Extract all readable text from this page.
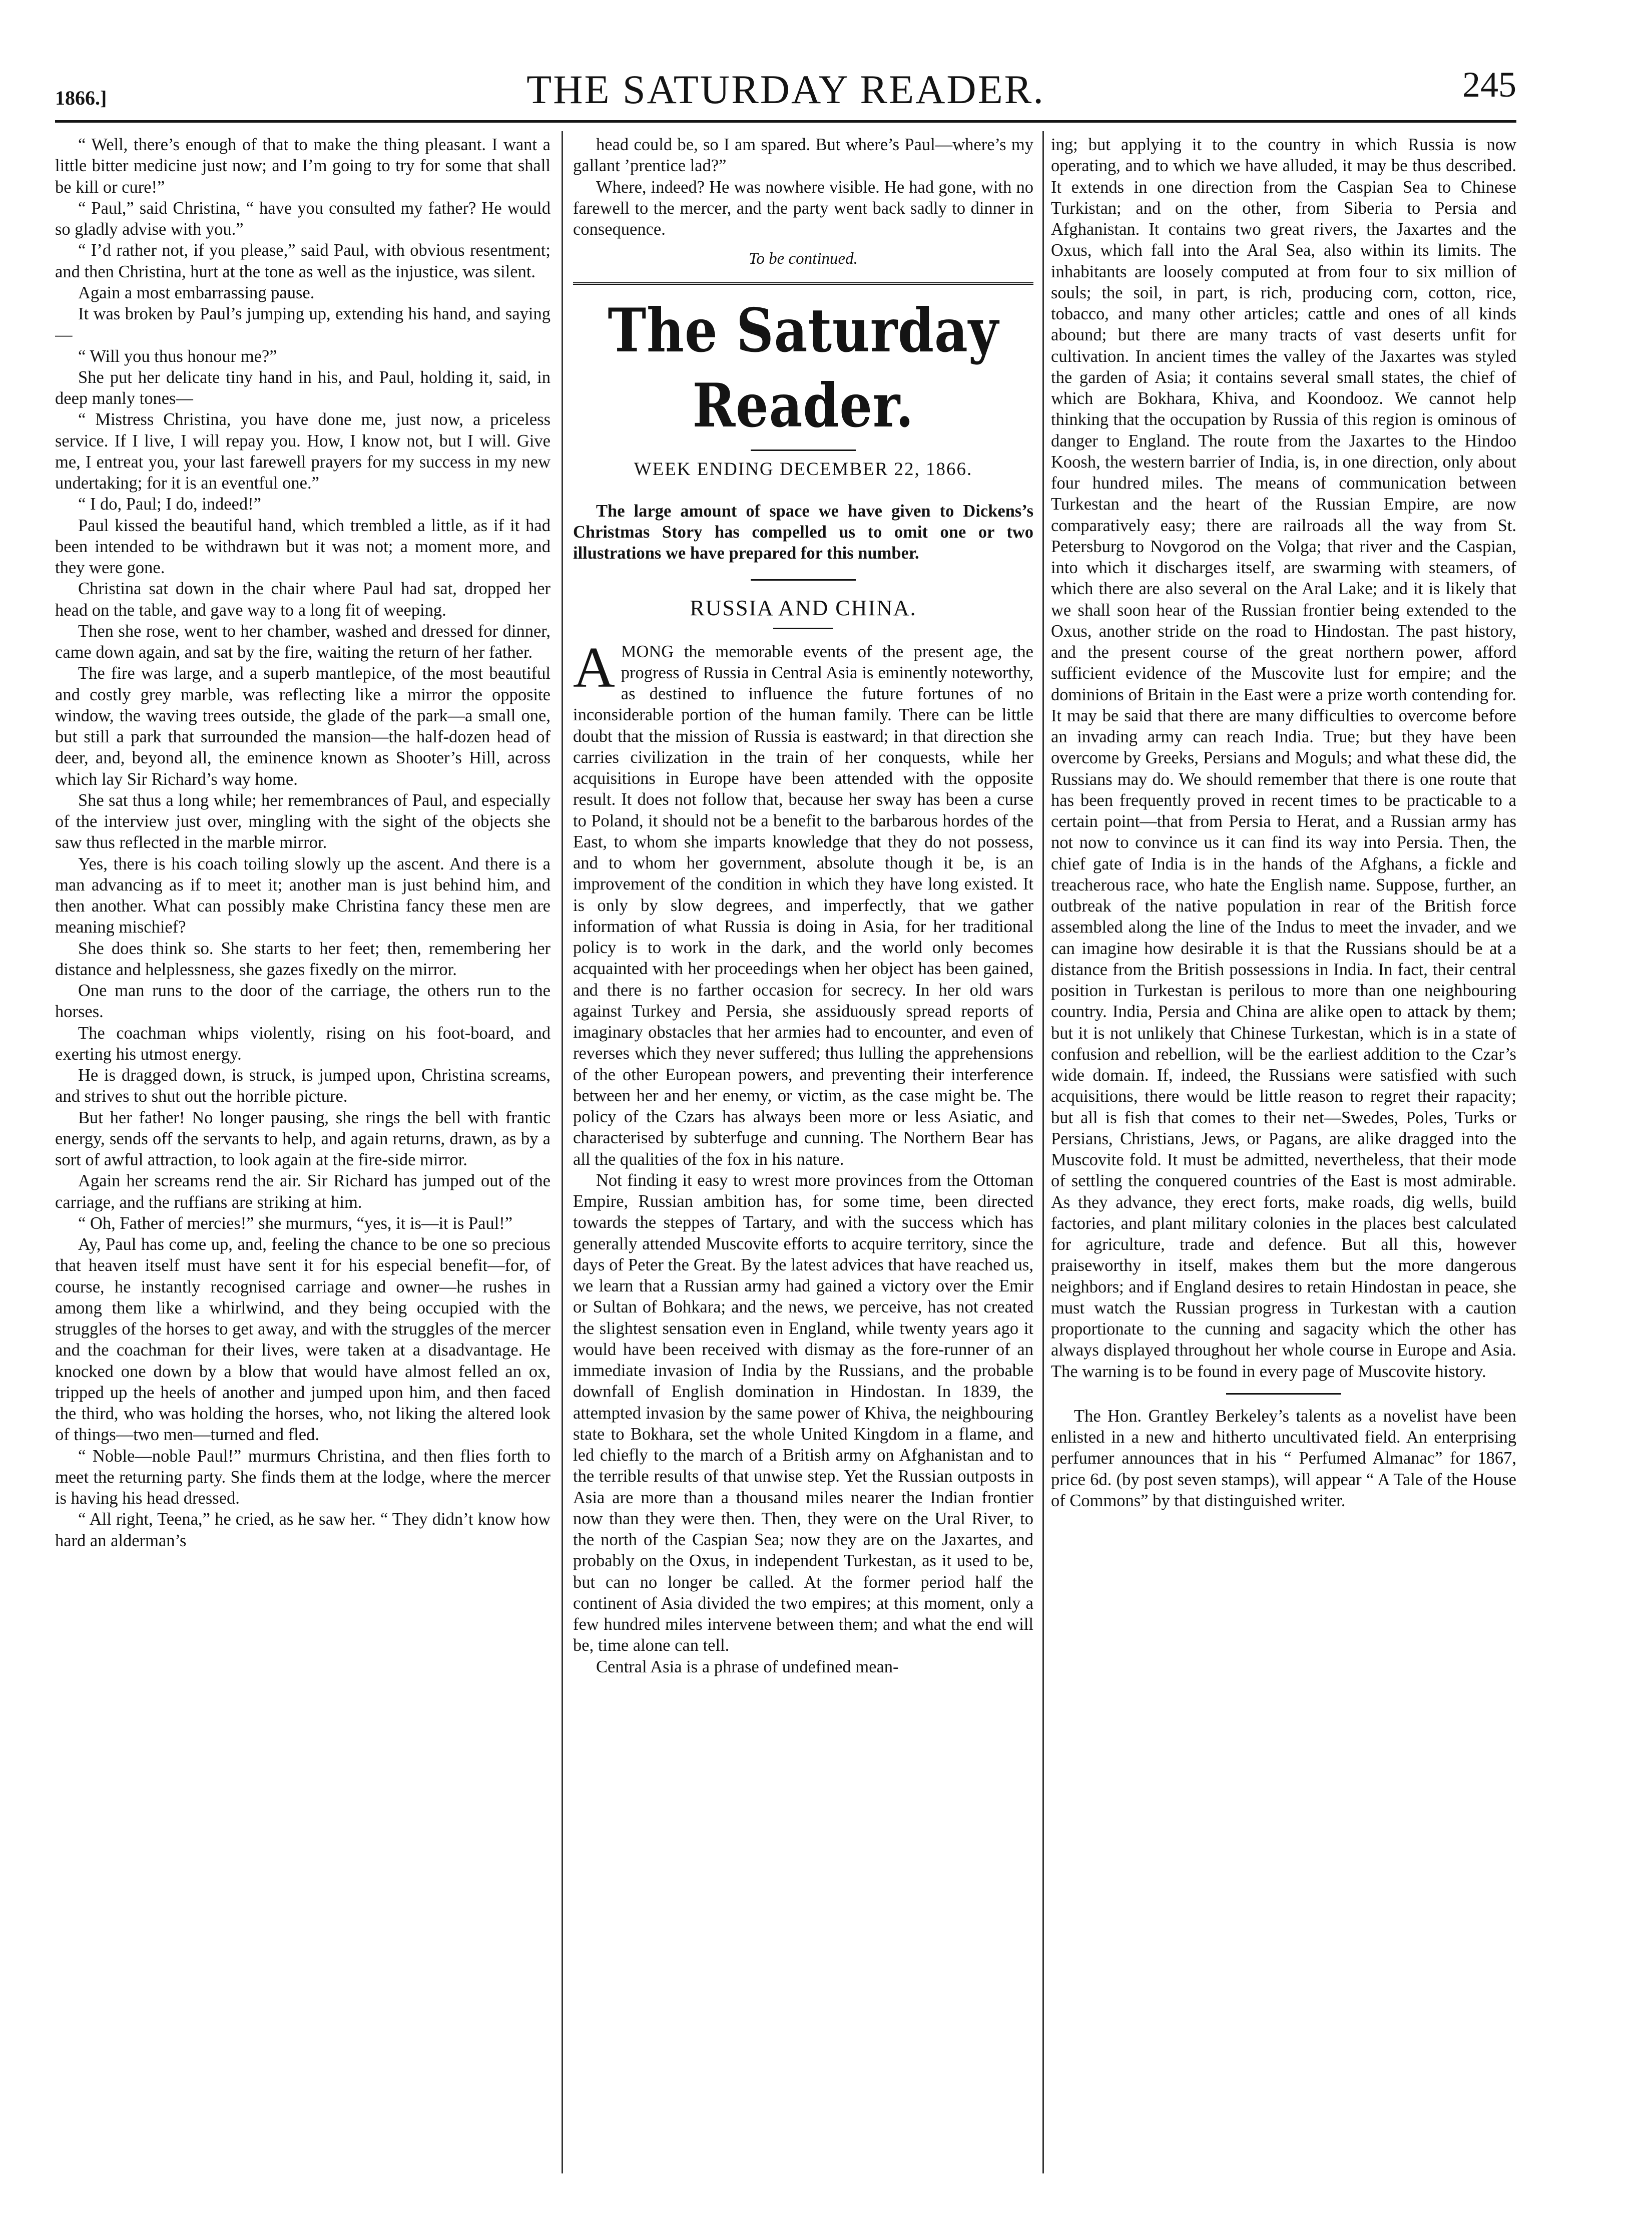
1866.]	THE SATURDAY READER.	245

“ Well, there’s enough of that to make the thing pleasant. I want a little bitter medicine just now; and I’m going to try for some that shall be kill or cure!”

“ Paul,” said Christina, “ have you consulted my father? He would so gladly advise with you.”

“ I’d rather not, if you please,” said Paul, with obvious resentment; and then Christina, hurt at the tone as well as the injustice, was silent.

Again a most embarrassing pause.

It was broken by Paul’s jumping up, extending his hand, and saying—

“ Will you thus honour me?”

She put her delicate tiny hand in his, and Paul, holding it, said, in deep manly tones—

“ Mistress Christina, you have done me, just now, a priceless service. If I live, I will repay you. How, I know not, but I will. Give me, I entreat you, your last farewell prayers for my success in my new undertaking; for it is an eventful one.”

“ I do, Paul; I do, indeed!”

Paul kissed the beautiful hand, which trembled a little, as if it had been intended to be withdrawn but it was not; a moment more, and they were gone.

Christina sat down in the chair where Paul had sat, dropped her head on the table, and gave way to a long fit of weeping.

Then she rose, went to her chamber, washed and dressed for dinner, came down again, and sat by the fire, waiting the return of her father.

The fire was large, and a superb mantlepice, of the most beautiful and costly grey marble, was reflecting like a mirror the opposite window, the waving trees outside, the glade of the park—a small one, but still a park that surrounded the mansion—the half-dozen head of deer, and, beyond all, the eminence known as Shooter’s Hill, across which lay Sir Richard’s way home.

She sat thus a long while; her remembrances of Paul, and especially of the interview just over, mingling with the sight of the objects she saw thus reflected in the marble mirror.

Yes, there is his coach toiling slowly up the ascent. And there is a man advancing as if to meet it; another man is just behind him, and then another. What can possibly make Christina fancy these men are meaning mischief?

She does think so. She starts to her feet; then, remembering her distance and helplessness, she gazes fixedly on the mirror.

One man runs to the door of the carriage, the others run to the horses.

The coachman whips violently, rising on his foot-board, and exerting his utmost energy.

He is dragged down, is struck, is jumped upon, Christina screams, and strives to shut out the horrible picture.

But her father! No longer pausing, she rings the bell with frantic energy, sends off the servants to help, and again returns, drawn, as by a sort of awful attraction, to look again at the fire-side mirror.

Again her screams rend the air. Sir Richard has jumped out of the carriage, and the ruffians are striking at him.

“ Oh, Father of mercies!” she murmurs, “yes, it is—it is Paul!”

Ay, Paul has come up, and, feeling the chance to be one so precious that heaven itself must have sent it for his especial benefit—for, of course, he instantly recognised carriage and owner—he rushes in among them like a whirlwind, and they being occupied with the struggles of the horses to get away, and with the struggles of the mercer and the coachman for their lives, were taken at a disadvantage. He knocked one down by a blow that would have almost felled an ox, tripped up the heels of another and jumped upon him, and then faced the third, who was holding the horses, who, not liking the altered look of things—two men—turned and fled.

“ Noble—noble Paul!” murmurs Christina, and then flies forth to meet the returning party. She finds them at the lodge, where the mercer is having his head dressed.

“ All right, Teena,” he cried, as he saw her. “ They didn’t know how hard an alderman’s

head could be, so I am spared. But where’s Paul—where’s my gallant ’prentice lad?”

Where, indeed? He was nowhere visible. He had gone, with no farewell to the mercer, and the party went back sadly to dinner in consequence.

To be continued.

The Saturday Reader.
WEEK ENDING DECEMBER 22, 1866.

The large amount of space we have given to Dickens’s Christmas Story has compelled us to omit one or two illustrations we have prepared for this number.

RUSSIA AND CHINA.

AMONG the memorable events of the present age, the progress of Russia in Central Asia is eminently noteworthy, as destined to influence the future fortunes of no inconsiderable portion of the human family. There can be little doubt that the mission of Russia is eastward; in that direction she carries civilization in the train of her conquests, while her acquisitions in Europe have been attended with the opposite result. It does not follow that, because her sway has been a curse to Poland, it should not be a benefit to the barbarous hordes of the East, to whom she imparts knowledge that they do not possess, and to whom her government, absolute though it be, is an improvement of the condition in which they have long existed. It is only by slow degrees, and imperfectly, that we gather information of what Russia is doing in Asia, for her traditional policy is to work in the dark, and the world only becomes acquainted with her proceedings when her object has been gained, and there is no farther occasion for secrecy. In her old wars against Turkey and Persia, she assiduously spread reports of imaginary obstacles that her armies had to encounter, and even of reverses which they never suffered; thus lulling the apprehensions of the other European powers, and preventing their interference between her and her enemy, or victim, as the case might be. The policy of the Czars has always been more or less Asiatic, and characterised by subterfuge and cunning. The Northern Bear has all the qualities of the fox in his nature.

Not finding it easy to wrest more provinces from the Ottoman Empire, Russian ambition has, for some time, been directed towards the steppes of Tartary, and with the success which has generally attended Muscovite efforts to acquire territory, since the days of Peter the Great. By the latest advices that have reached us, we learn that a Russian army had gained a victory over the Emir or Sultan of Bohkara; and the news, we perceive, has not created the slightest sensation even in England, while twenty years ago it would have been received with dismay as the fore-runner of an immediate invasion of India by the Russians, and the probable downfall of English domination in Hindostan. In 1839, the attempted invasion by the same power of Khiva, the neighbouring state to Bokhara, set the whole United Kingdom in a flame, and led chiefly to the march of a British army on Afghanistan and to the terrible results of that unwise step. Yet the Russian outposts in Asia are more than a thousand miles nearer the Indian frontier now than they were then. Then, they were on the Ural River, to the north of the Caspian Sea; now they are on the Jaxartes, and probably on the Oxus, in independent Turkestan, as it used to be, but can no longer be called. At the former period half the continent of Asia divided the two empires; at this moment, only a few hundred miles intervene between them; and what the end will be, time alone can tell.

Central Asia is a phrase of undefined mean-

ing; but applying it to the country in which Russia is now operating, and to which we have alluded, it may be thus described. It extends in one direction from the Caspian Sea to Chinese Turkistan; and on the other, from Siberia to Persia and Afghanistan. It contains two great rivers, the Jaxartes and the Oxus, which fall into the Aral Sea, also within its limits. The inhabitants are loosely computed at from four to six million of souls; the soil, in part, is rich, producing corn, cotton, rice, tobacco, and many other articles; cattle and ones of all kinds abound; but there are many tracts of vast deserts unfit for cultivation. In ancient times the valley of the Jaxartes was styled the garden of Asia; it contains several small states, the chief of which are Bokhara, Khiva, and Koondooz. We cannot help thinking that the occupation by Russia of this region is ominous of danger to England. The route from the Jaxartes to the Hindoo Koosh, the western barrier of India, is, in one direction, only about four hundred miles. The means of communication between Turkestan and the heart of the Russian Empire, are now comparatively easy; there are railroads all the way from St. Petersburg to Novgorod on the Volga; that river and the Caspian, into which it discharges itself, are swarming with steamers, of which there are also several on the Aral Lake; and it is likely that we shall soon hear of the Russian frontier being extended to the Oxus, another stride on the road to Hindostan. The past history, and the present course of the great northern power, afford sufficient evidence of the Muscovite lust for empire; and the dominions of Britain in the East were a prize worth contending for. It may be said that there are many difficulties to overcome before an invading army can reach India. True; but they have been overcome by Greeks, Persians and Moguls; and what these did, the Russians may do. We should remember that there is one route that has been frequently proved in recent times to be practicable to a certain point—that from Persia to Herat, and a Russian army has not now to convince us it can find its way into Persia. Then, the chief gate of India is in the hands of the Afghans, a fickle and treacherous race, who hate the English name. Suppose, further, an outbreak of the native population in rear of the British force assembled along the line of the Indus to meet the invader, and we can imagine how desirable it is that the Russians should be at a distance from the British possessions in India. In fact, their central position in Turkestan is perilous to more than one neighbouring country. India, Persia and China are alike open to attack by them; but it is not unlikely that Chinese Turkestan, which is in a state of confusion and rebellion, will be the earliest addition to the Czar’s wide domain. If, indeed, the Russians were satisfied with such acquisitions, there would be little reason to regret their rapacity; but all is fish that comes to their net—Swedes, Poles, Turks or Persians, Christians, Jews, or Pagans, are alike dragged into the Muscovite fold. It must be admitted, nevertheless, that their mode of settling the conquered countries of the East is most admirable. As they advance, they erect forts, make roads, dig wells, build factories, and plant military colonies in the places best calculated for agriculture, trade and defence. But all this, however praiseworthy in itself, makes them but the more dangerous neighbors; and if England desires to retain Hindostan in peace, she must watch the Russian progress in Turkestan with a caution proportionate to the cunning and sagacity which the other has always displayed throughout her whole course in Europe and Asia. The warning is to be found in every page of Muscovite history.

The Hon. Grantley Berkeley’s talents as a novelist have been enlisted in a new and hitherto uncultivated field. An enterprising perfumer announces that in his “ Perfumed Almanac” for 1867, price 6d. (by post seven stamps), will appear “ A Tale of the House of Commons” by that distinguished writer.
